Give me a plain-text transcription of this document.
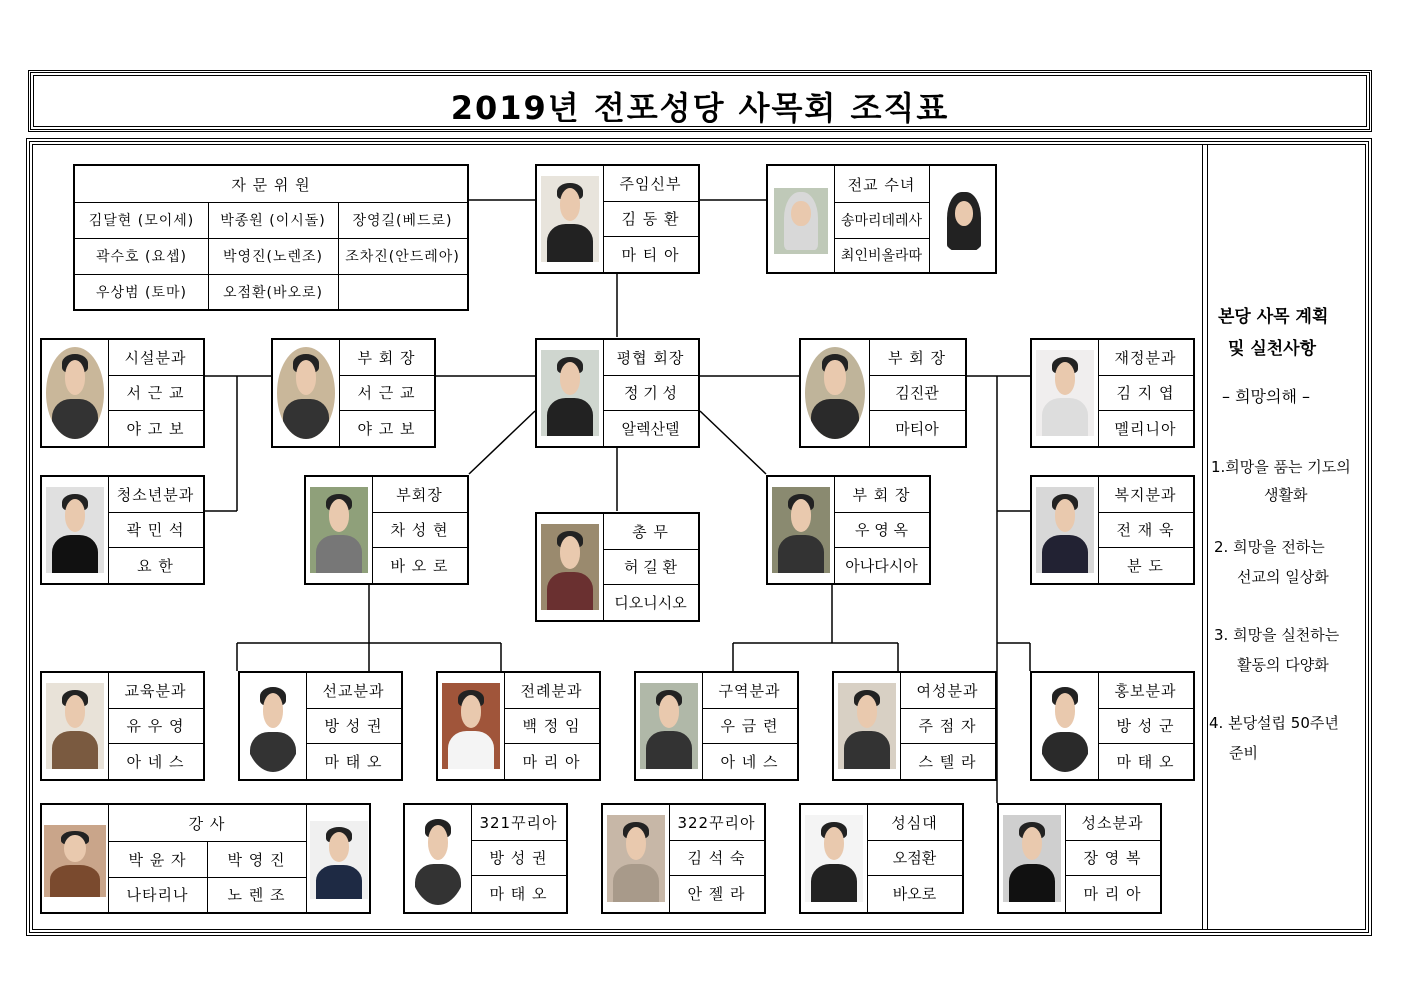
2019년 전포성당 사목회 조직표
자 문 위 원
김달현 (모이세)	박종원 (이시돌)	장영길(베드로)
곽수호 (요셉)	박영진(노렌조)	조차진(안드레아)
우상범 (토마)	오점환(바오로)
주임신부
김 동 환
마 티 아
평협 회장
정 기 성
알렉산델
부 회 장
서 근 교
야 고 보
부 회 장
김진관
마티아
시설분과
서 근 교
야 고 보
재정분과
김 지 엽
멜리니아
청소년분과
곽 민 석
요 한
부회장
차 성 현
바 오 로
총 무
허 길 환
디오니시오
부 회 장
우 영 옥
아나다시아
복지분과
전 재 욱
분 도
교육분과
유 우 영
아 네 스
선교분과
방 성 권
마 태 오
전례분과
백 정 임
마 리 아
구역분과
우 금 련
아 네 스
여성분과
주 점 자
스 텔 라
홍보분과
방 성 군
마 태 오
321꾸리아
방 성 권
마 태 오
322꾸리아
김 석 숙
안 젤 라
성심대
오점환
바오로
성소분과
장 영 복
마 리 아
전교 수녀
송마리데레사
최인비올라따
강 사
박 윤 자	박 영 진
나타리나	노 렌 조
본당 사목 계획
및 실천사항
– 희망의해 –
1.희망을 품는 기도의
생활화
2. 희망을 전하는
선교의 일상화
3. 희망을 실천하는
활동의 다양화
4. 본당설립 50주년
준비
